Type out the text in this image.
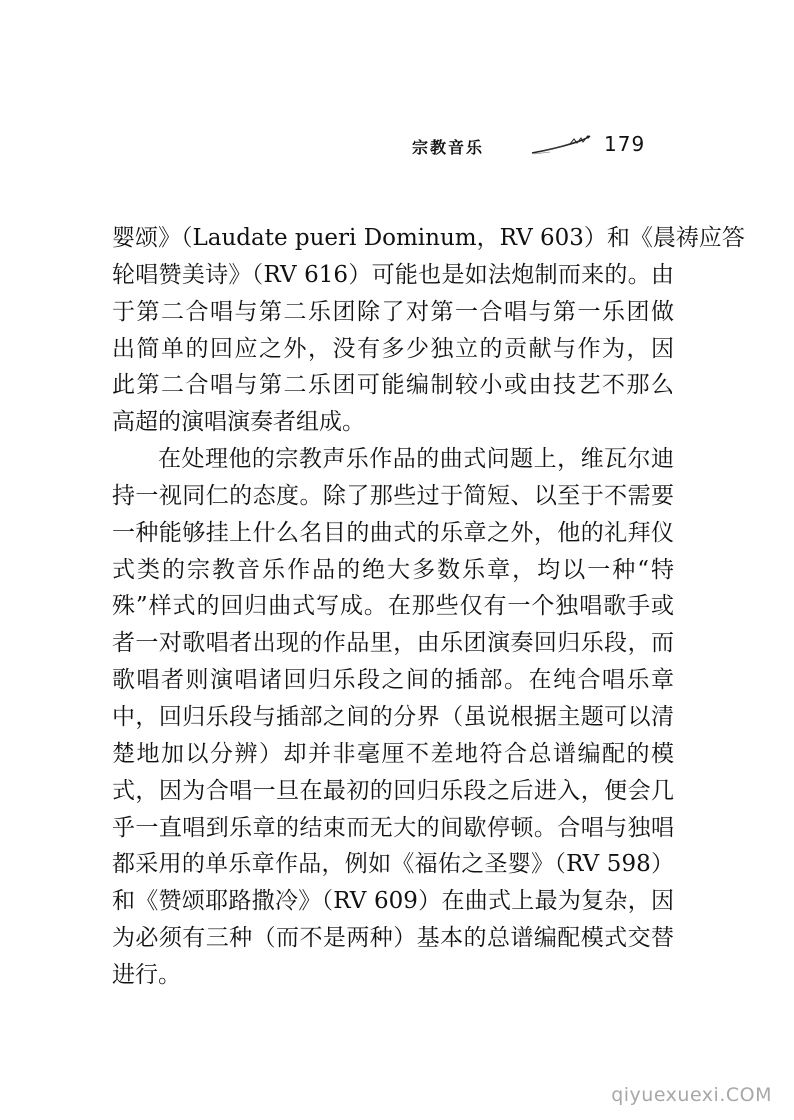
宗教音乐	179
婴颂》（Laudate pueri Dominum，RV 603）和《晨祷应答
轮唱赞美诗》（RV 616）可能也是如法炮制而来的。由
于第二合唱与第二乐团除了对第一合唱与第一乐团做
出简单的回应之外，没有多少独立的贡献与作为，因
此第二合唱与第二乐团可能编制较小或由技艺不那么
高超的演唱演奏者组成。
在处理他的宗教声乐作品的曲式问题上，维瓦尔迪
持一视同仁的态度。除了那些过于简短、以至于不需要
一种能够挂上什么名目的曲式的乐章之外，他的礼拜仪
式类的宗教音乐作品的绝大多数乐章，均以一种“特
殊”样式的回归曲式写成。在那些仅有一个独唱歌手或
者一对歌唱者出现的作品里，由乐团演奏回归乐段，而
歌唱者则演唱诸回归乐段之间的插部。在纯合唱乐章
中，回归乐段与插部之间的分界（虽说根据主题可以清
楚地加以分辨）却并非毫厘不差地符合总谱编配的模
式，因为合唱一旦在最初的回归乐段之后进入，便会几
乎一直唱到乐章的结束而无大的间歇停顿。合唱与独唱
都采用的单乐章作品，例如《福佑之圣婴》（RV 598）
和《赞颂耶路撒冷》（RV 609）在曲式上最为复杂，因
为必须有三种（而不是两种）基本的总谱编配模式交替
进行。
qiyuexuexi.COM
